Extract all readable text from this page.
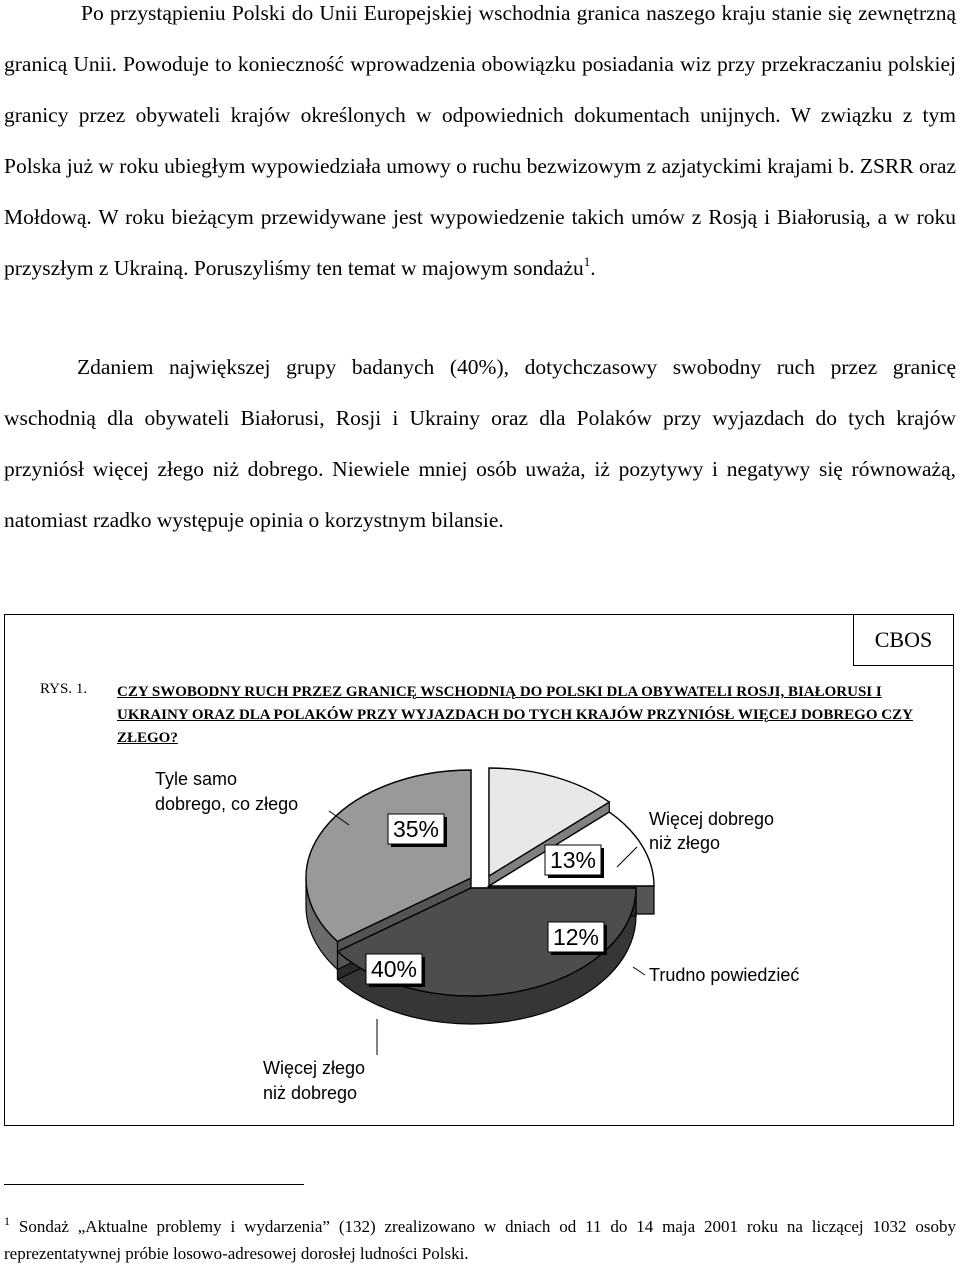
Po przystąpieniu Polski do Unii Europejskiej wschodnia granica naszego kraju stanie się zewnętrzną granicą Unii. Powoduje to konieczność wprowadzenia obowiązku posiadania wiz przy przekraczaniu polskiej granicy przez obywateli krajów określonych w odpowiednich dokumentach unijnych. W związku z tym Polska już w roku ubiegłym wypowiedziała umowy o ruchu bezwizowym z azjatyckimi krajami b. ZSRR oraz Mołdową. W roku bieżącym przewidywane jest wypowiedzenie takich umów z Rosją i Białorusią, a w roku przyszłym z Ukrainą. Poruszyliśmy ten temat w majowym sondażu$^1$.

Zdaniem największej grupy badanych (40%), dotychczasowy swobodny ruch przez granicę wschodnią dla obywateli Białorusi, Rosji i Ukrainy oraz dla Polaków przy wyjazdach do tych krajów przyniósł więcej złego niż dobrego. Niewiele mniej osób uważa, iż pozytywy i negatywy się równoważą, natomiast rzadko występuje opinia o korzystnym bilansie.

CBOS
RYS. 1. CZY SWOBODNY RUCH PRZEZ GRANICĘ WSCHODNIĄ DO POLSKI DLA OBYWATELI ROSJI, BIAŁORUSI I UKRAINY ORAZ DLA POLAKÓW PRZY WYJAZDACH DO TYCH KRAJÓW PRZYNIÓSŁ WIĘCEJ DOBREGO CZY ZŁEGO?
13%
Więcej dobrego
niż złego
12%
Trudno powiedzieć
40%
Więcej złego
niż dobrego
35%
Tyle samo
dobrego, co złego

$^1$ Sondaż „Aktualne problemy i wydarzenia” (132) zrealizowano w dniach od 11 do 14 maja 2001 roku na liczącej 1032 osoby reprezentatywnej próbie losowo-adresowej dorosłej ludności Polski.
